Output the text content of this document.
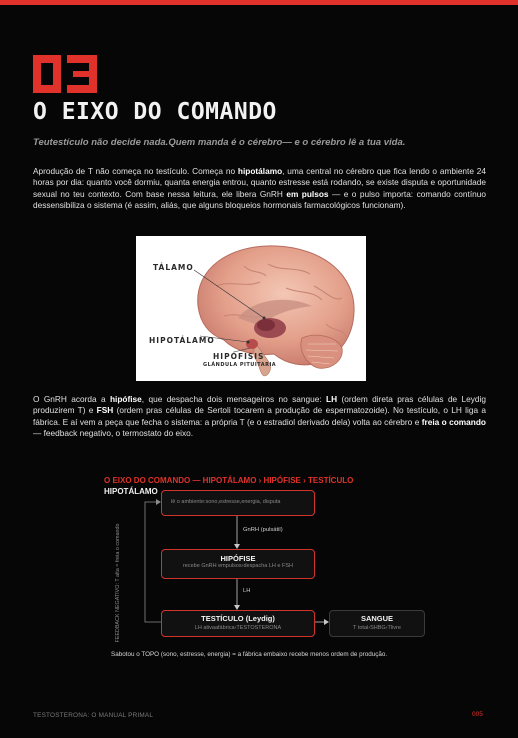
O EIXO DO COMANDO
Teutestículo não decide nada.Quem manda é o cérebro— e o cérebro lê a tua vida.
Aprodução de T não começa no testículo. Começa no hipotálamo, uma central no cérebro que fica lendo o ambiente 24 horas por dia: quanto você dormiu, quanta energia entrou, quanto estresse está rodando, se existe disputa e oportunidade sexual no teu contexto. Com base nessa leitura, ele libera GnRH em pulsos — e o pulso importa: comando contínuo dessensibiliza o sistema (é assim, aliás, que alguns bloqueios hormonais farmacológicos funcionam).
TÁLAMO
HIPOTÁLAMO
HIPÓFISIS
GLÁNDULA PITUITARIA
O GnRH acorda a hipófise, que despacha dois mensageiros no sangue: LH (ordem direta pras células de Leydig produzirem T) e FSH (ordem pras células de Sertoli tocarem a produção de espermatozoide). No testículo, o LH liga a fábrica. E aí vem a peça que fecha o sistema: a própria T (e o estradiol derivado dela) volta ao cérebro e freia o comando — feedback negativo, o termostato do eixo.
O EIXO DO COMANDO — HIPOTÁLAMO › HIPÓFISE › TESTÍCULO
HIPOTÁLAMO
lê o ambiente:sono,estresse,energia, disputa
GnRH (pulsátil)
HIPÓFISE
recebe GnRH empulsos›despacha LH e FSH
LH
TESTÍCULO (Leydig)
LH ativaafábrica›TESTOSTERONA
SANGUE
T total›SHBG›Tlivre
FEEDBACK NEGATIVO: T alta = freia o comando
Sabotou o TOPO (sono, estresse, energia) = a fábrica embaixo recebe menos ordem de produção.
TESTOSTERONA: O MANUAL PRIMAL	005
